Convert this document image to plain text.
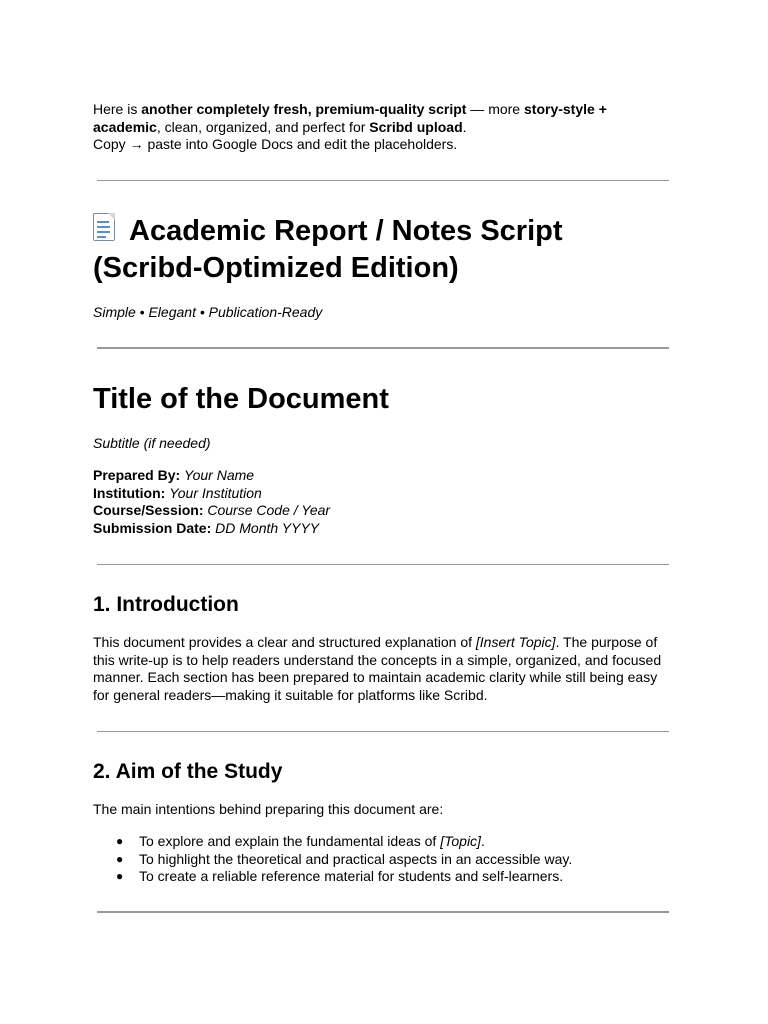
Here is another completely fresh, premium-quality script — more story-style + academic, clean, organized, and perfect for Scribd upload.

Copy → paste into Google Docs and edit the placeholders.

Academic Report / Notes Script

(Scribd-Optimized Edition)

Simple • Elegant • Publication-Ready

Title of the Document

Subtitle (if needed)

Prepared By: Your Name

Institution: Your Institution

Course/Session: Course Code / Year

Submission Date: DD Month YYYY

1. Introduction

This document provides a clear and structured explanation of [Insert Topic]. The purpose of this write-up is to help readers understand the concepts in a simple, organized, and focused manner. Each section has been prepared to maintain academic clarity while still being easy for general readers—making it suitable for platforms like Scribd.

2. Aim of the Study

The main intentions behind preparing this document are:

● To explore and explain the fundamental ideas of [Topic].
● To highlight the theoretical and practical aspects in an accessible way.
● To create a reliable reference material for students and self-learners.
